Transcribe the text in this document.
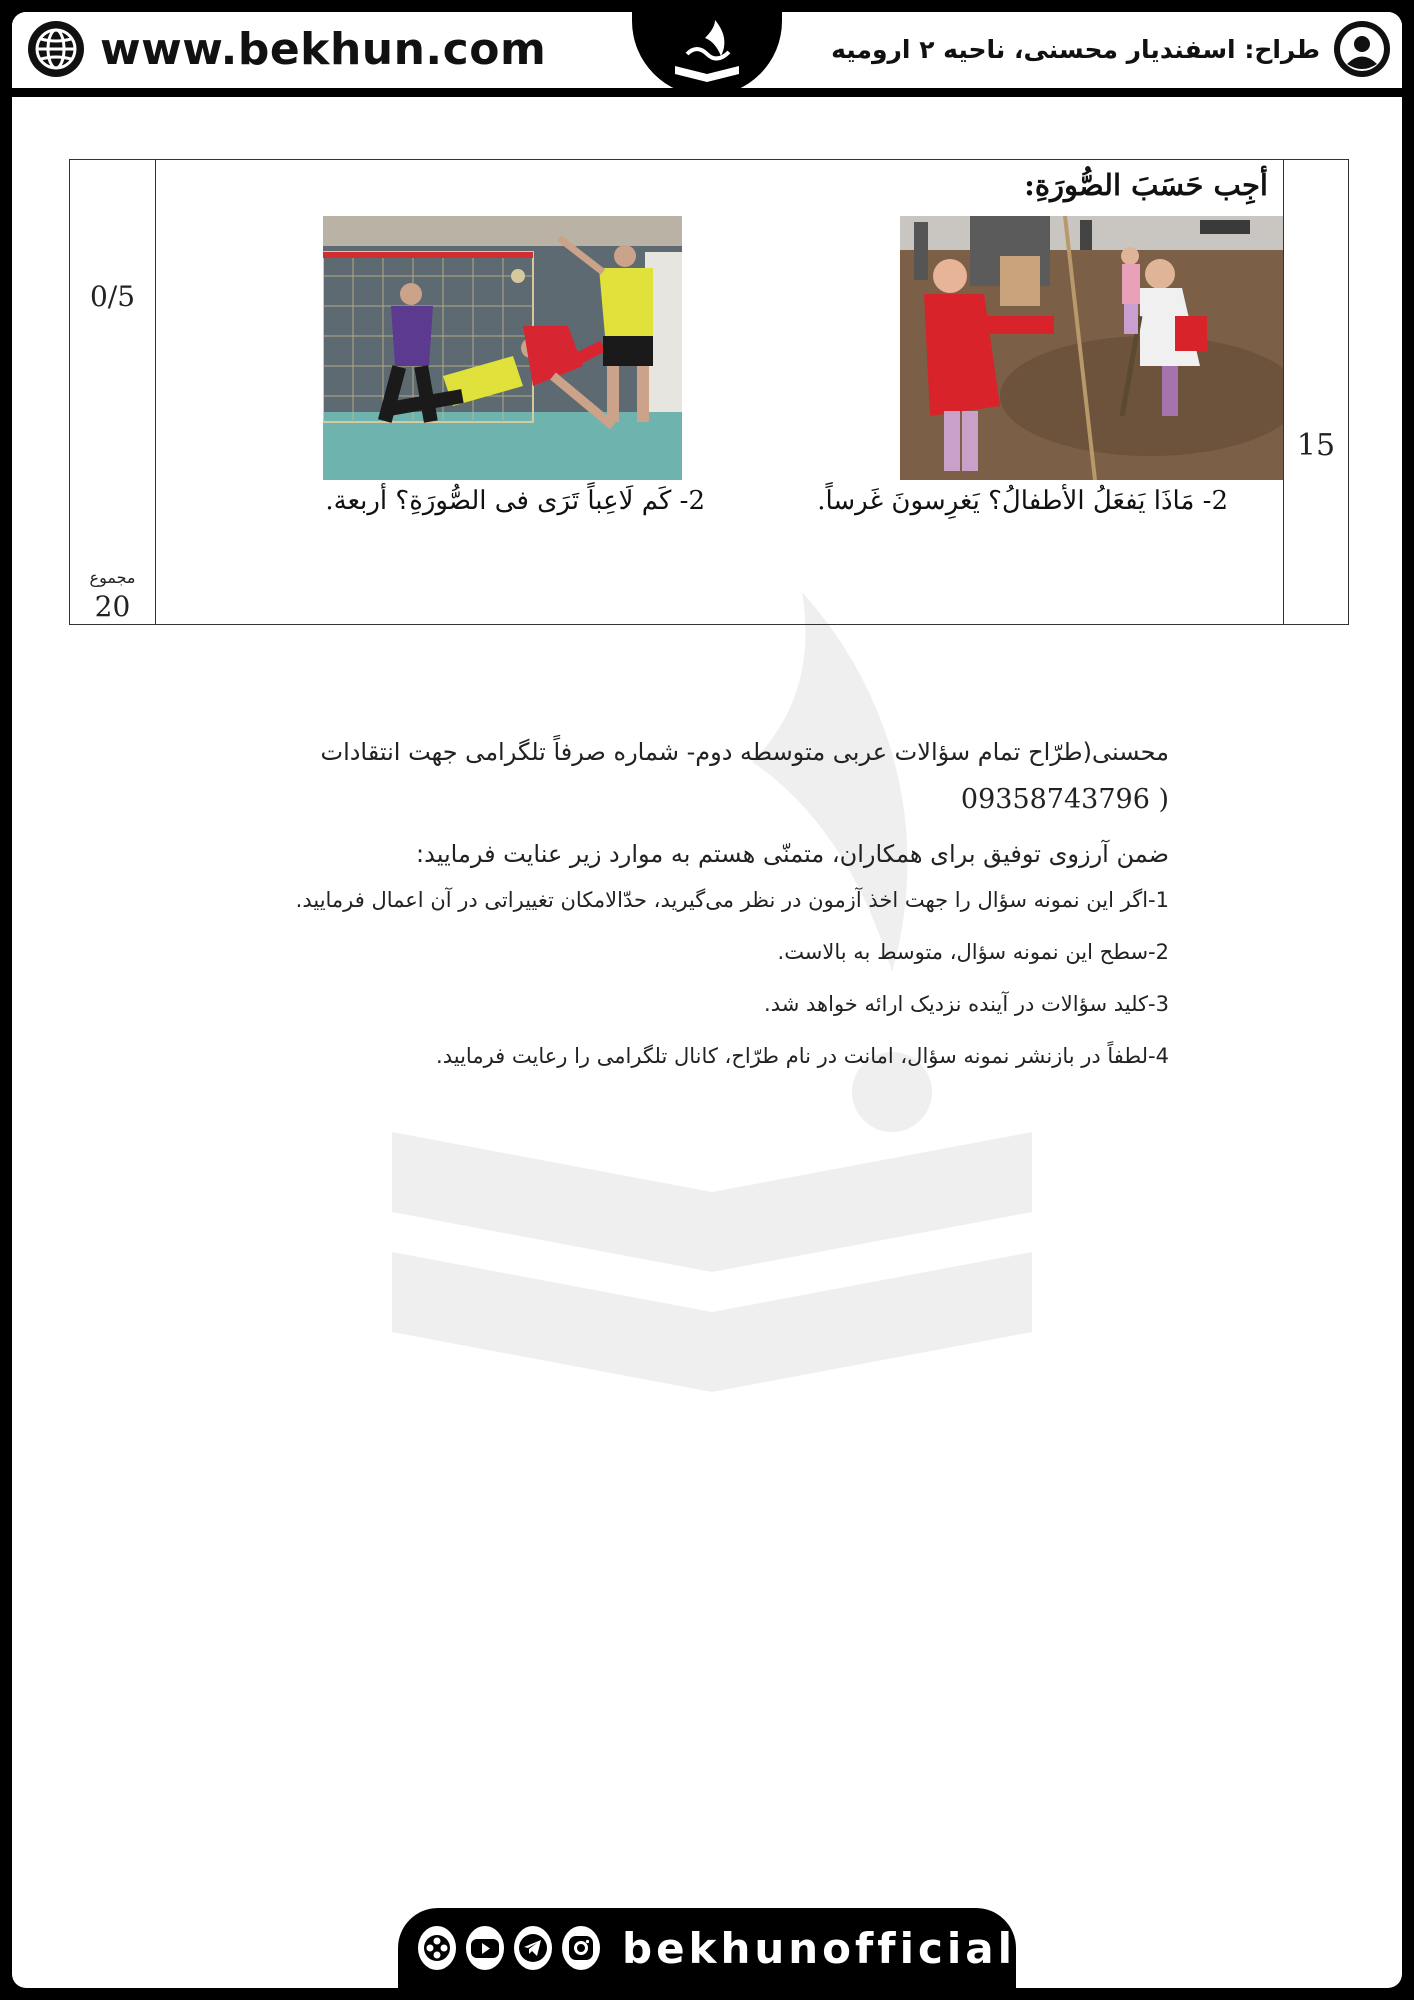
www.bekhun.com	طراح: اسفندیار محسنی، ناحیه ۲ ارومیه
0/5
مجموع
20
15
أجِب حَسَبَ الصُّورَةِ:
2- مَاذَا يَفعَلُ الأطفالُ؟ يَغرِسونَ غَرساً.
2- كَم لَاعِباً تَرَى فى الصُّورَةِ؟ أربعة.

محسنی(طرّاح تمام سؤالات عربی متوسطه دوم- شماره صرفاً تلگرامی جهت انتقادات

( 09358743796

ضمن آرزوی توفیق برای همکاران، متمنّی هستم به موارد زیر عنایت فرمایید:

1-اگر این نمونه سؤال را جهت اخذ آزمون در نظر می‌گیرید، حدّالامکان تغییراتی در آن اعمال فرمایید.

2-سطح این نمونه سؤال، متوسط به بالاست.

3-کلید سؤالات در آینده نزدیک ارائه خواهد شد.

4-لطفاً در بازنشر نمونه سؤال، امانت در نام طرّاح، کانال تلگرامی را رعایت فرمایید.

bekhunofficial
